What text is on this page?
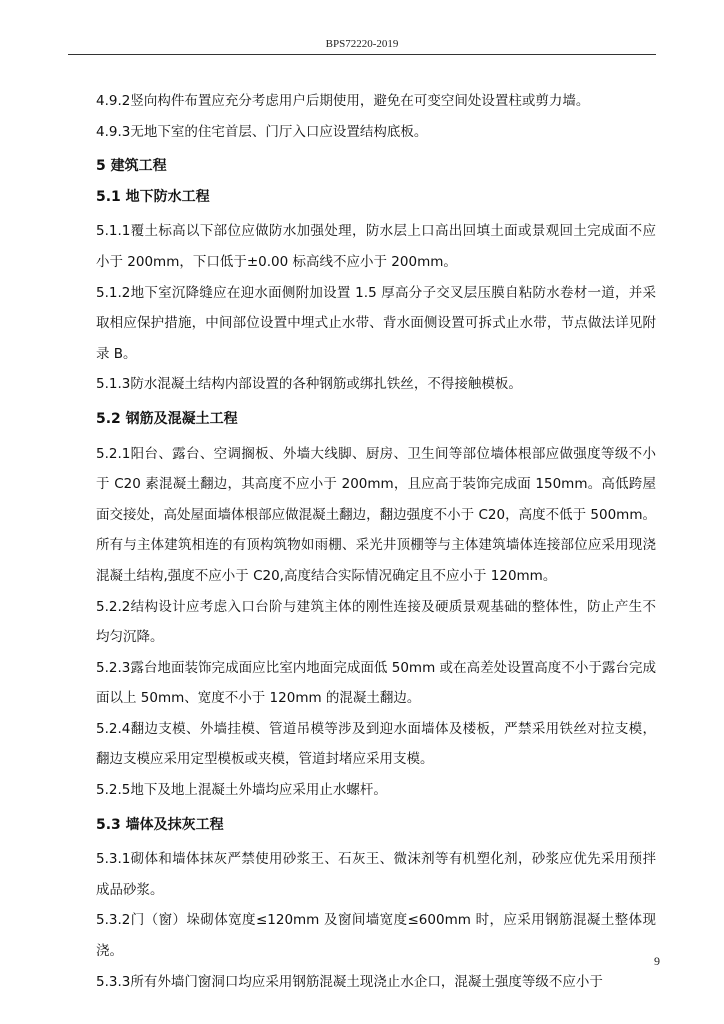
BPS72220-2019

4.9.2竖向构件布置应充分考虑用户后期使用，避免在可变空间处设置柱或剪力墙。

4.9.3无地下室的住宅首层、门厅入口应设置结构底板。

5 建筑工程

5.1 地下防水工程

5.1.1覆土标高以下部位应做防水加强处理，防水层上口高出回填土面或景观回土完成面不应小于 200mm，下口低于±0.00 标高线不应小于 200mm。

5.1.2地下室沉降缝应在迎水面侧附加设置 1.5 厚高分子交叉层压膜自粘防水卷材一道，并采取相应保护措施，中间部位设置中埋式止水带、背水面侧设置可拆式止水带，节点做法详见附录 B。

5.1.3防水混凝土结构内部设置的各种钢筋或绑扎铁丝，不得接触模板。

5.2 钢筋及混凝土工程

5.2.1阳台、露台、空调搁板、外墙大线脚、厨房、卫生间等部位墙体根部应做强度等级不小于 C20 素混凝土翻边，其高度不应小于 200mm，且应高于装饰完成面 150mm。高低跨屋面交接处，高处屋面墙体根部应做混凝土翻边，翻边强度不小于 C20，高度不低于 500mm。所有与主体建筑相连的有顶构筑物如雨棚、采光井顶棚等与主体建筑墙体连接部位应采用现浇混凝土结构,强度不应小于 C20,高度结合实际情况确定且不应小于 120mm。

5.2.2结构设计应考虑入口台阶与建筑主体的刚性连接及硬质景观基础的整体性，防止产生不均匀沉降。

5.2.3露台地面装饰完成面应比室内地面完成面低 50mm 或在高差处设置高度不小于露台完成面以上 50mm、宽度不小于 120mm 的混凝土翻边。

5.2.4翻边支模、外墙挂模、管道吊模等涉及到迎水面墙体及楼板，严禁采用铁丝对拉支模，翻边支模应采用定型模板或夹模，管道封堵应采用支模。

5.2.5地下及地上混凝土外墙均应采用止水螺杆。

5.3 墙体及抹灰工程

5.3.1砌体和墙体抹灰严禁使用砂浆王、石灰王、微沫剂等有机塑化剂，砂浆应优先采用预拌成品砂浆。

5.3.2门（窗）垛砌体宽度≤120mm 及窗间墙宽度≤600mm 时，应采用钢筋混凝土整体现浇。

5.3.3所有外墙门窗洞口均应采用钢筋混凝土现浇止水企口，混凝土强度等级不应小于

9
